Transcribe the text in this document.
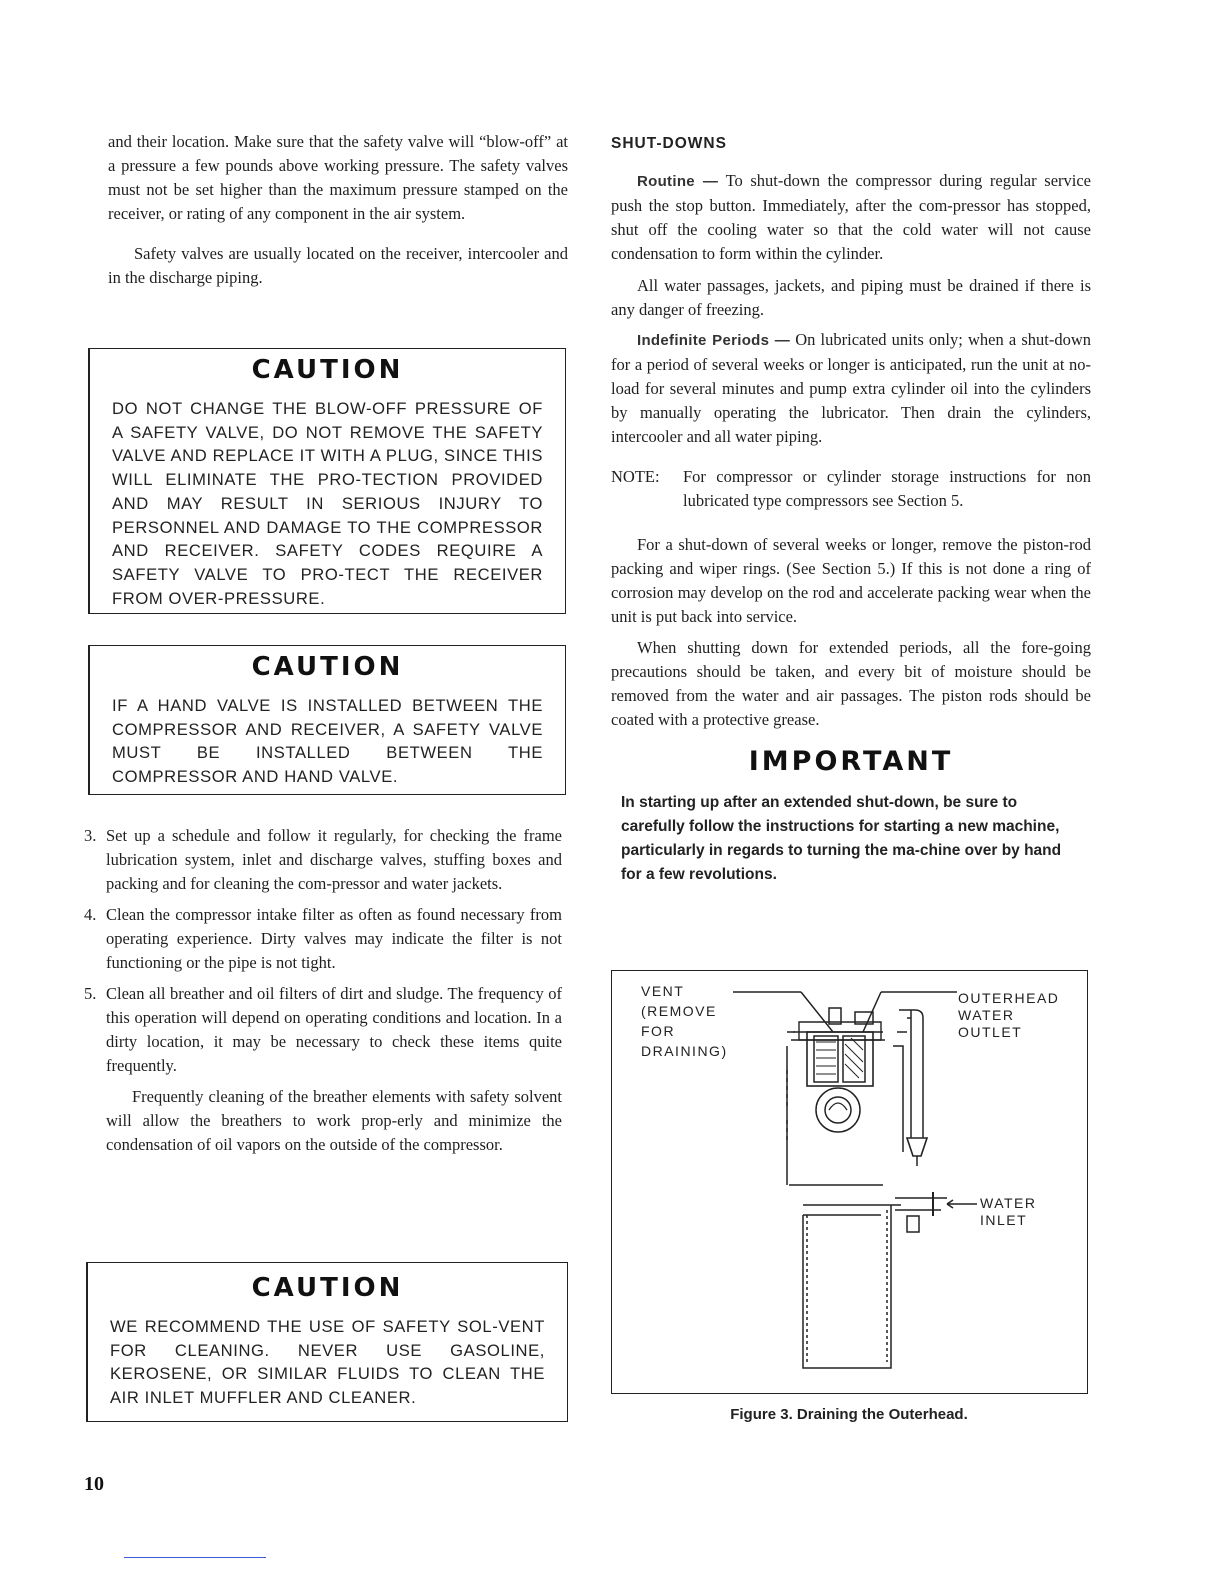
and their location. Make sure that the safety valve will “blow-off” at a pressure a few pounds above working pressure. The safety valves must not be set higher than the maximum pressure stamped on the receiver, or rating of any component in the air system.

Safety valves are usually located on the receiver, intercooler and in the discharge piping.

CAUTION
DO NOT CHANGE THE BLOW-OFF PRESSURE OF A SAFETY VALVE, DO NOT REMOVE THE SAFETY VALVE AND REPLACE IT WITH A PLUG, SINCE THIS WILL ELIMINATE THE PRO-TECTION PROVIDED AND MAY RESULT IN SERIOUS INJURY TO PERSONNEL AND DAMAGE TO THE COMPRESSOR AND RECEIVER. SAFETY CODES REQUIRE A SAFETY VALVE TO PRO-TECT THE RECEIVER FROM OVER-PRESSURE.
CAUTION
IF A HAND VALVE IS INSTALLED BETWEEN THE COMPRESSOR AND RECEIVER, A SAFETY VALVE MUST BE INSTALLED BETWEEN THE COMPRESSOR AND HAND VALVE.
3. Set up a schedule and follow it regularly, for checking the frame lubrication system, inlet and discharge valves, stuffing boxes and packing and for cleaning the com-pressor and water jackets.
4. Clean the compressor intake filter as often as found necessary from operating experience. Dirty valves may indicate the filter is not functioning or the pipe is not tight.
5. Clean all breather and oil filters of dirt and sludge. The frequency of this operation will depend on operating conditions and location. In a dirty location, it may be necessary to check these items quite frequently.

Frequently cleaning of the breather elements with safety solvent will allow the breathers to work prop-erly and minimize the condensation of oil vapors on the outside of the compressor.

CAUTION
WE RECOMMEND THE USE OF SAFETY SOL-VENT FOR CLEANING. NEVER USE GASOLINE, KEROSENE, OR SIMILAR FLUIDS TO CLEAN THE AIR INLET MUFFLER AND CLEANER.
SHUT-DOWNS

Routine — To shut-down the compressor during regular service push the stop button. Immediately, after the com-pressor has stopped, shut off the cooling water so that the cold water will not cause condensation to form within the cylinder.

All water passages, jackets, and piping must be drained if there is any danger of freezing.

Indefinite Periods — On lubricated units only; when a shut-down for a period of several weeks or longer is anticipated, run the unit at no-load for several minutes and pump extra cylinder oil into the cylinders by manually operating the lubricator. Then drain the cylinders, intercooler and all water piping.

NOTE:	For compressor or cylinder storage instructions for non lubricated type compressors see Section 5.

For a shut-down of several weeks or longer, remove the piston-rod packing and wiper rings. (See Section 5.) If this is not done a ring of corrosion may develop on the rod and accelerate packing wear when the unit is put back into service.

When shutting down for extended periods, all the fore-going precautions should be taken, and every bit of moisture should be removed from the water and air passages. The piston rods should be coated with a protective grease.

IMPORTANT
In starting up after an extended shut-down, be sure to carefully follow the instructions for starting a new machine, particularly in regards to turning the ma-chine over by hand for a few revolutions.
VENT
(REMOVE
FOR
DRAINING)
OUTERHEAD
WATER
OUTLET
WATER
INLET
Figure 3. Draining the Outerhead.
10
